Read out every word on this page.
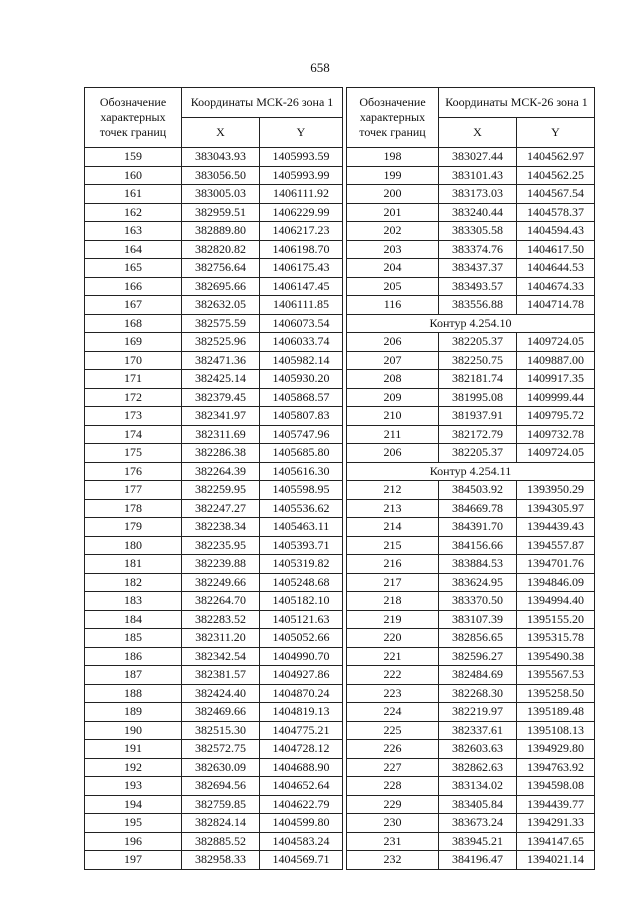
658
Обозначение характерных точек границ	Координаты МСК-26 зона 1	
	X	Y
159	383043.93	1405993.59
160	383056.50	1405993.99
161	383005.03	1406111.92
162	382959.51	1406229.99
163	382889.80	1406217.23
164	382820.82	1406198.70
165	382756.64	1406175.43
166	382695.66	1406147.45
167	382632.05	1406111.85
168	382575.59	1406073.54
169	382525.96	1406033.74
170	382471.36	1405982.14
171	382425.14	1405930.20
172	382379.45	1405868.57
173	382341.97	1405807.83
174	382311.69	1405747.96
175	382286.38	1405685.80
176	382264.39	1405616.30
177	382259.95	1405598.95
178	382247.27	1405536.62
179	382238.34	1405463.11
180	382235.95	1405393.71
181	382239.88	1405319.82
182	382249.66	1405248.68
183	382264.70	1405182.10
184	382283.52	1405121.63
185	382311.20	1405052.66
186	382342.54	1404990.70
187	382381.57	1404927.86
188	382424.40	1404870.24
189	382469.66	1404819.13
190	382515.30	1404775.21
191	382572.75	1404728.12
192	382630.09	1404688.90
193	382694.56	1404652.64
194	382759.85	1404622.79
195	382824.14	1404599.80
196	382885.52	1404583.24
197	382958.33	1404569.71
Обозначение характерных точек границ	Координаты МСК-26 зона 1	
	X	Y
198	383027.44	1404562.97
199	383101.43	1404562.25
200	383173.03	1404567.54
201	383240.44	1404578.37
202	383305.58	1404594.43
203	383374.76	1404617.50
204	383437.37	1404644.53
205	383493.57	1404674.33
116	383556.88	1404714.78
Контур 4.254.10		
206	382205.37	1409724.05
207	382250.75	1409887.00
208	382181.74	1409917.35
209	381995.08	1409999.44
210	381937.91	1409795.72
211	382172.79	1409732.78
206	382205.37	1409724.05
Контур 4.254.11		
212	384503.92	1393950.29
213	384669.78	1394305.97
214	384391.70	1394439.43
215	384156.66	1394557.87
216	383884.53	1394701.76
217	383624.95	1394846.09
218	383370.50	1394994.40
219	383107.39	1395155.20
220	382856.65	1395315.78
221	382596.27	1395490.38
222	382484.69	1395567.53
223	382268.30	1395258.50
224	382219.97	1395189.48
225	382337.61	1395108.13
226	382603.63	1394929.80
227	382862.63	1394763.92
228	383134.02	1394598.08
229	383405.84	1394439.77
230	383673.24	1394291.33
231	383945.21	1394147.65
232	384196.47	1394021.14
